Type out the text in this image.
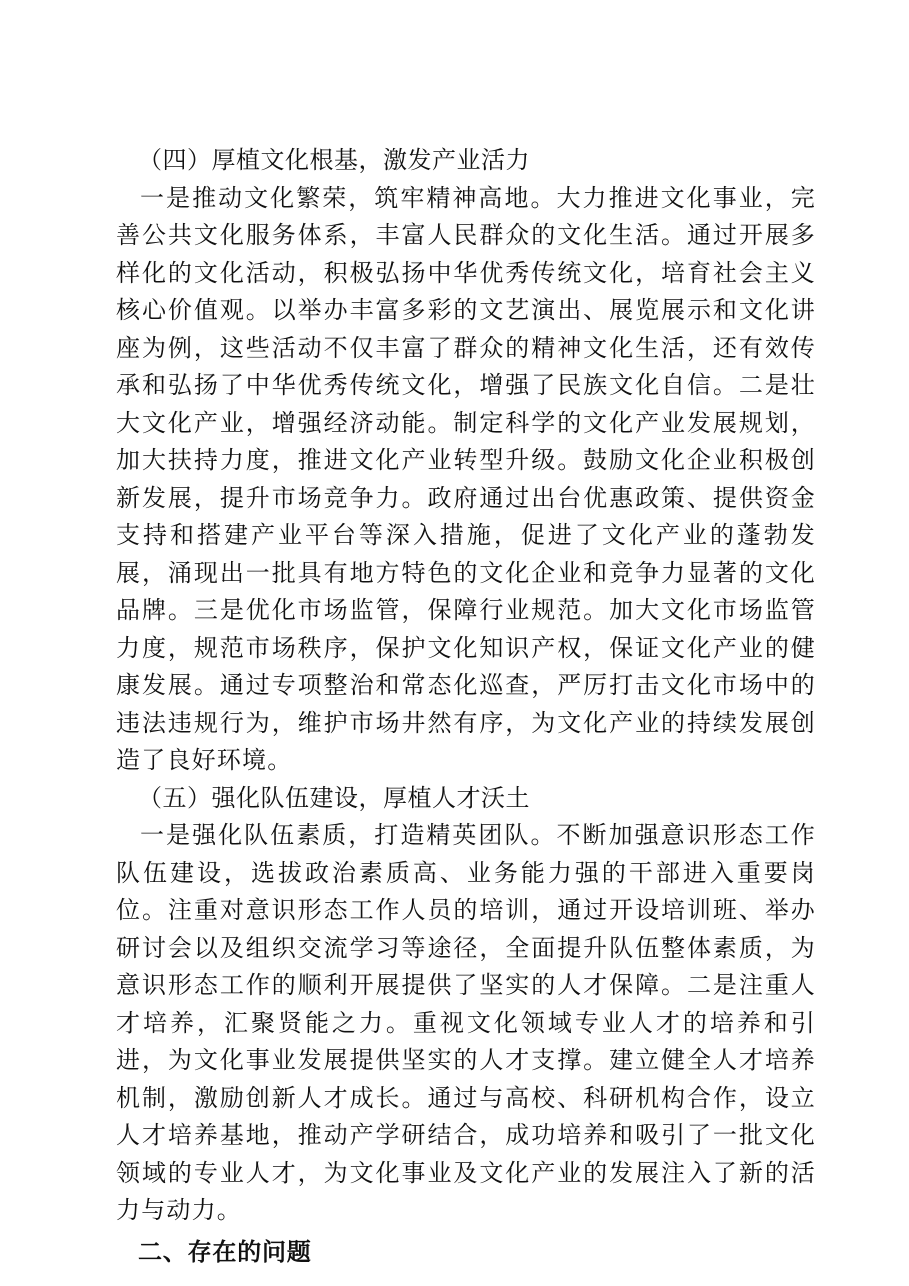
（四）厚植文化根基，激发产业活力

一是推动文化繁荣，筑牢精神高地。大力推进文化事业，完善公共文化服务体系，丰富人民群众的文化生活。通过开展多样化的文化活动，积极弘扬中华优秀传统文化，培育社会主义核心价值观。以举办丰富多彩的文艺演出、展览展示和文化讲座为例，这些活动不仅丰富了群众的精神文化生活，还有效传承和弘扬了中华优秀传统文化，增强了民族文化自信。二是壮大文化产业，增强经济动能。制定科学的文化产业发展规划，加大扶持力度，推进文化产业转型升级。鼓励文化企业积极创新发展，提升市场竞争力。政府通过出台优惠政策、提供资金支持和搭建产业平台等深入措施，促进了文化产业的蓬勃发展，涌现出一批具有地方特色的文化企业和竞争力显著的文化品牌。三是优化市场监管，保障行业规范。加大文化市场监管力度，规范市场秩序，保护文化知识产权，保证文化产业的健康发展。通过专项整治和常态化巡查，严厉打击文化市场中的违法违规行为，维护市场井然有序，为文化产业的持续发展创造了良好环境。

（五）强化队伍建设，厚植人才沃土

一是强化队伍素质，打造精英团队。不断加强意识形态工作队伍建设，选拔政治素质高、业务能力强的干部进入重要岗位。注重对意识形态工作人员的培训，通过开设培训班、举办研讨会以及组织交流学习等途径，全面提升队伍整体素质，为意识形态工作的顺利开展提供了坚实的人才保障。二是注重人才培养，汇聚贤能之力。重视文化领域专业人才的培养和引进，为文化事业发展提供坚实的人才支撑。建立健全人才培养机制，激励创新人才成长。通过与高校、科研机构合作，设立人才培养基地，推动产学研结合，成功培养和吸引了一批文化领域的专业人才，为文化事业及文化产业的发展注入了新的活力与动力。

二、存在的问题
